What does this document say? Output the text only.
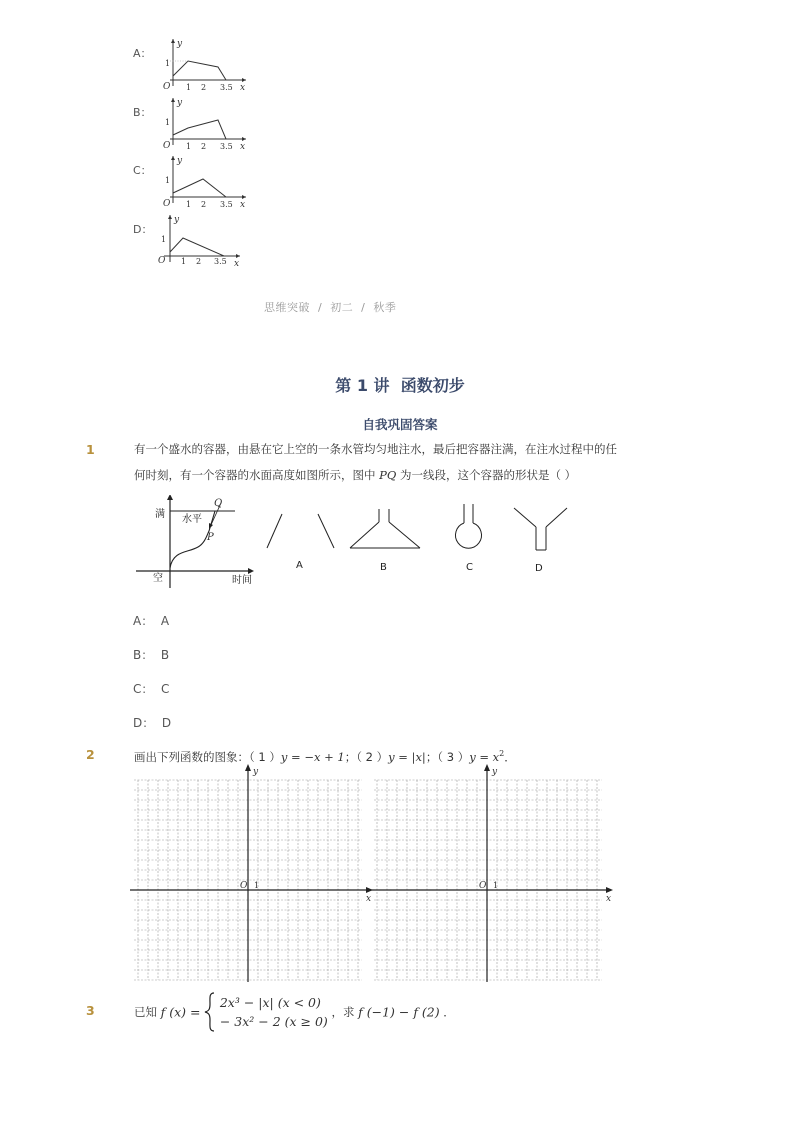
A：
y
x
O
1
1 2 3.5
B：
y
x
O
1
1 2 3.5
C：
y
x
O
1
1 2 3.5
D：
y
x
O
1
1 2 3.5
思维突破  /  初二  /  秋季
第 1 讲  函数初步
自我巩固答案
1	有一个盛水的容器，由悬在它上空的一条水管均匀地注水，最后把容器注满，在注水过程中的任
何时刻，有一个容器的水面高度如图所示，图中 PQ 为一线段，这个容器的形状是（ ）
满 水平
空	时间
Q
P
A	B	C	D
A：  A
B：  B
C：  C
D：  D
2	画出下列函数的图象：（ 1 ）y = −x + 1；（ 2 ）y = |x|；（ 3 ）$y = x^2$．
y
x
O 1
y
x
O 1
3	已知 f (x) =
2x³ − |x| (x < 0)
− 3x² − 2 (x ≥ 0)
，求 f (−1) − f (2) ．
